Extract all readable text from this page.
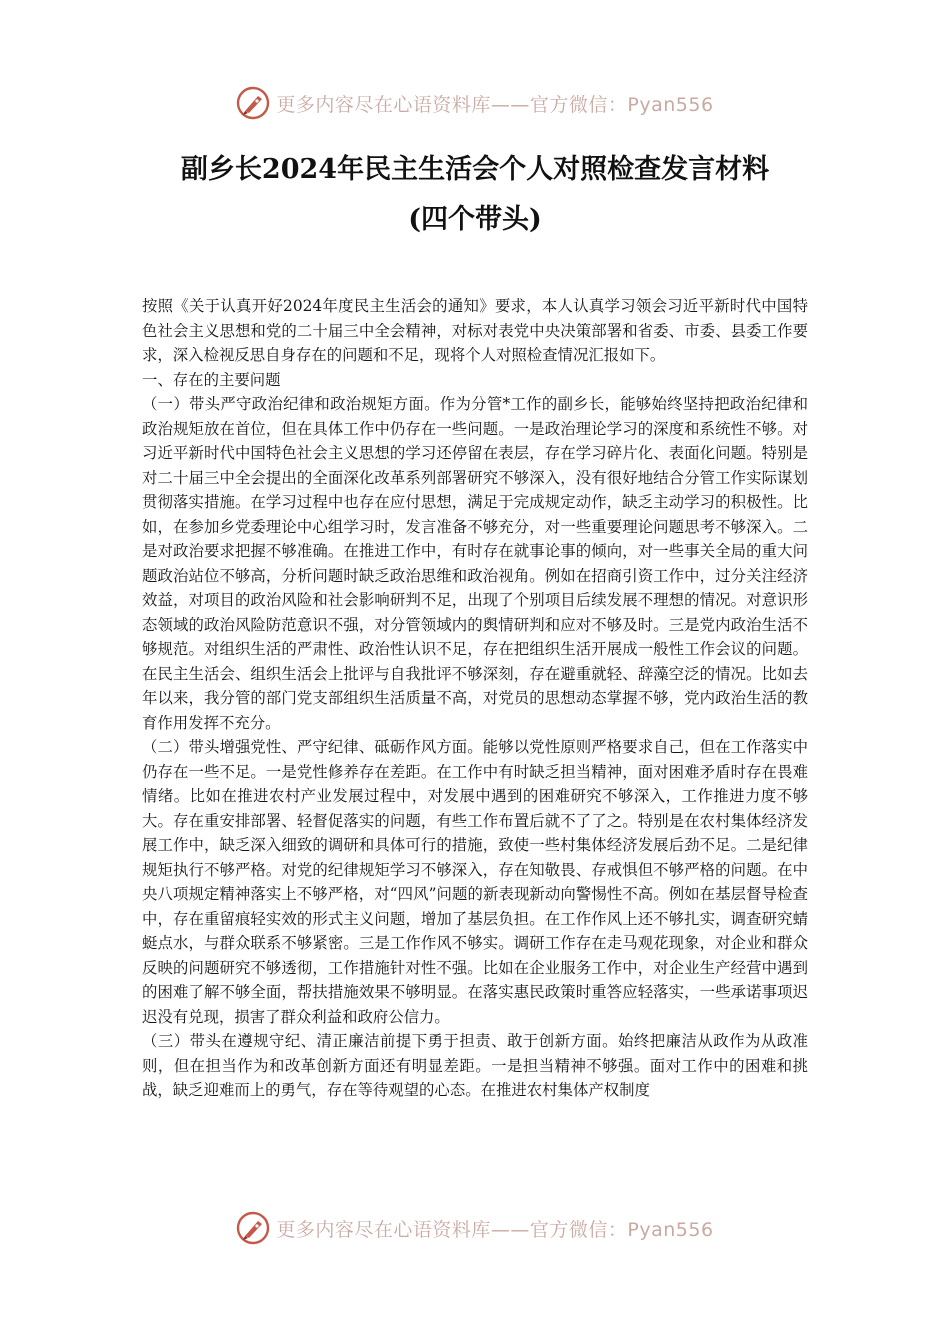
更多内容尽在心语资料库——官方微信：Pyan556
副乡长2024年民主生活会个人对照检查发言材料
(四个带头)

按照《关于认真开好2024年度民主生活会的通知》要求，本人认真学习领会习近平新时代中国特色社会主义思想和党的二十届三中全会精神，对标对表党中央决策部署和省委、市委、县委工作要求，深入检视反思自身存在的问题和不足，现将个人对照检查情况汇报如下。

一、存在的主要问题

（一）带头严守政治纪律和政治规矩方面。作为分管*工作的副乡长，能够始终坚持把政治纪律和政治规矩放在首位，但在具体工作中仍存在一些问题。一是政治理论学习的深度和系统性不够。对习近平新时代中国特色社会主义思想的学习还停留在表层，存在学习碎片化、表面化问题。特别是对二十届三中全会提出的全面深化改革系列部署研究不够深入，没有很好地结合分管工作实际谋划贯彻落实措施。在学习过程中也存在应付思想，满足于完成规定动作，缺乏主动学习的积极性。比如，在参加乡党委理论中心组学习时，发言准备不够充分，对一些重要理论问题思考不够深入。二是对政治要求把握不够准确。在推进工作中，有时存在就事论事的倾向，对一些事关全局的重大问题政治站位不够高，分析问题时缺乏政治思维和政治视角。例如在招商引资工作中，过分关注经济效益，对项目的政治风险和社会影响研判不足，出现了个别项目后续发展不理想的情况。对意识形态领域的政治风险防范意识不强，对分管领域内的舆情研判和应对不够及时。三是党内政治生活不够规范。对组织生活的严肃性、政治性认识不足，存在把组织生活开展成一般性工作会议的问题。在民主生活会、组织生活会上批评与自我批评不够深刻，存在避重就轻、辞藻空泛的情况。比如去年以来，我分管的部门党支部组织生活质量不高，对党员的思想动态掌握不够，党内政治生活的教育作用发挥不充分。

（二）带头增强党性、严守纪律、砥砺作风方面。能够以党性原则严格要求自己，但在工作落实中仍存在一些不足。一是党性修养存在差距。在工作中有时缺乏担当精神，面对困难矛盾时存在畏难情绪。比如在推进农村产业发展过程中，对发展中遇到的困难研究不够深入，工作推进力度不够大。存在重安排部署、轻督促落实的问题，有些工作布置后就不了了之。特别是在农村集体经济发展工作中，缺乏深入细致的调研和具体可行的措施，致使一些村集体经济发展后劲不足。二是纪律规矩执行不够严格。对党的纪律规矩学习不够深入，存在知敬畏、存戒惧但不够严格的问题。在中央八项规定精神落实上不够严格，对“四风”问题的新表现新动向警惕性不高。例如在基层督导检查中，存在重留痕轻实效的形式主义问题，增加了基层负担。在工作作风上还不够扎实，调查研究蜻蜓点水，与群众联系不够紧密。三是工作作风不够实。调研工作存在走马观花现象，对企业和群众反映的问题研究不够透彻，工作措施针对性不强。比如在企业服务工作中，对企业生产经营中遇到的困难了解不够全面，帮扶措施效果不够明显。在落实惠民政策时重答应轻落实，一些承诺事项迟迟没有兑现，损害了群众利益和政府公信力。

（三）带头在遵规守纪、清正廉洁前提下勇于担责、敢于创新方面。始终把廉洁从政作为从政准则，但在担当作为和改革创新方面还有明显差距。一是担当精神不够强。面对工作中的困难和挑战，缺乏迎难而上的勇气，存在等待观望的心态。在推进农村集体产权制度

更多内容尽在心语资料库——官方微信：Pyan556
